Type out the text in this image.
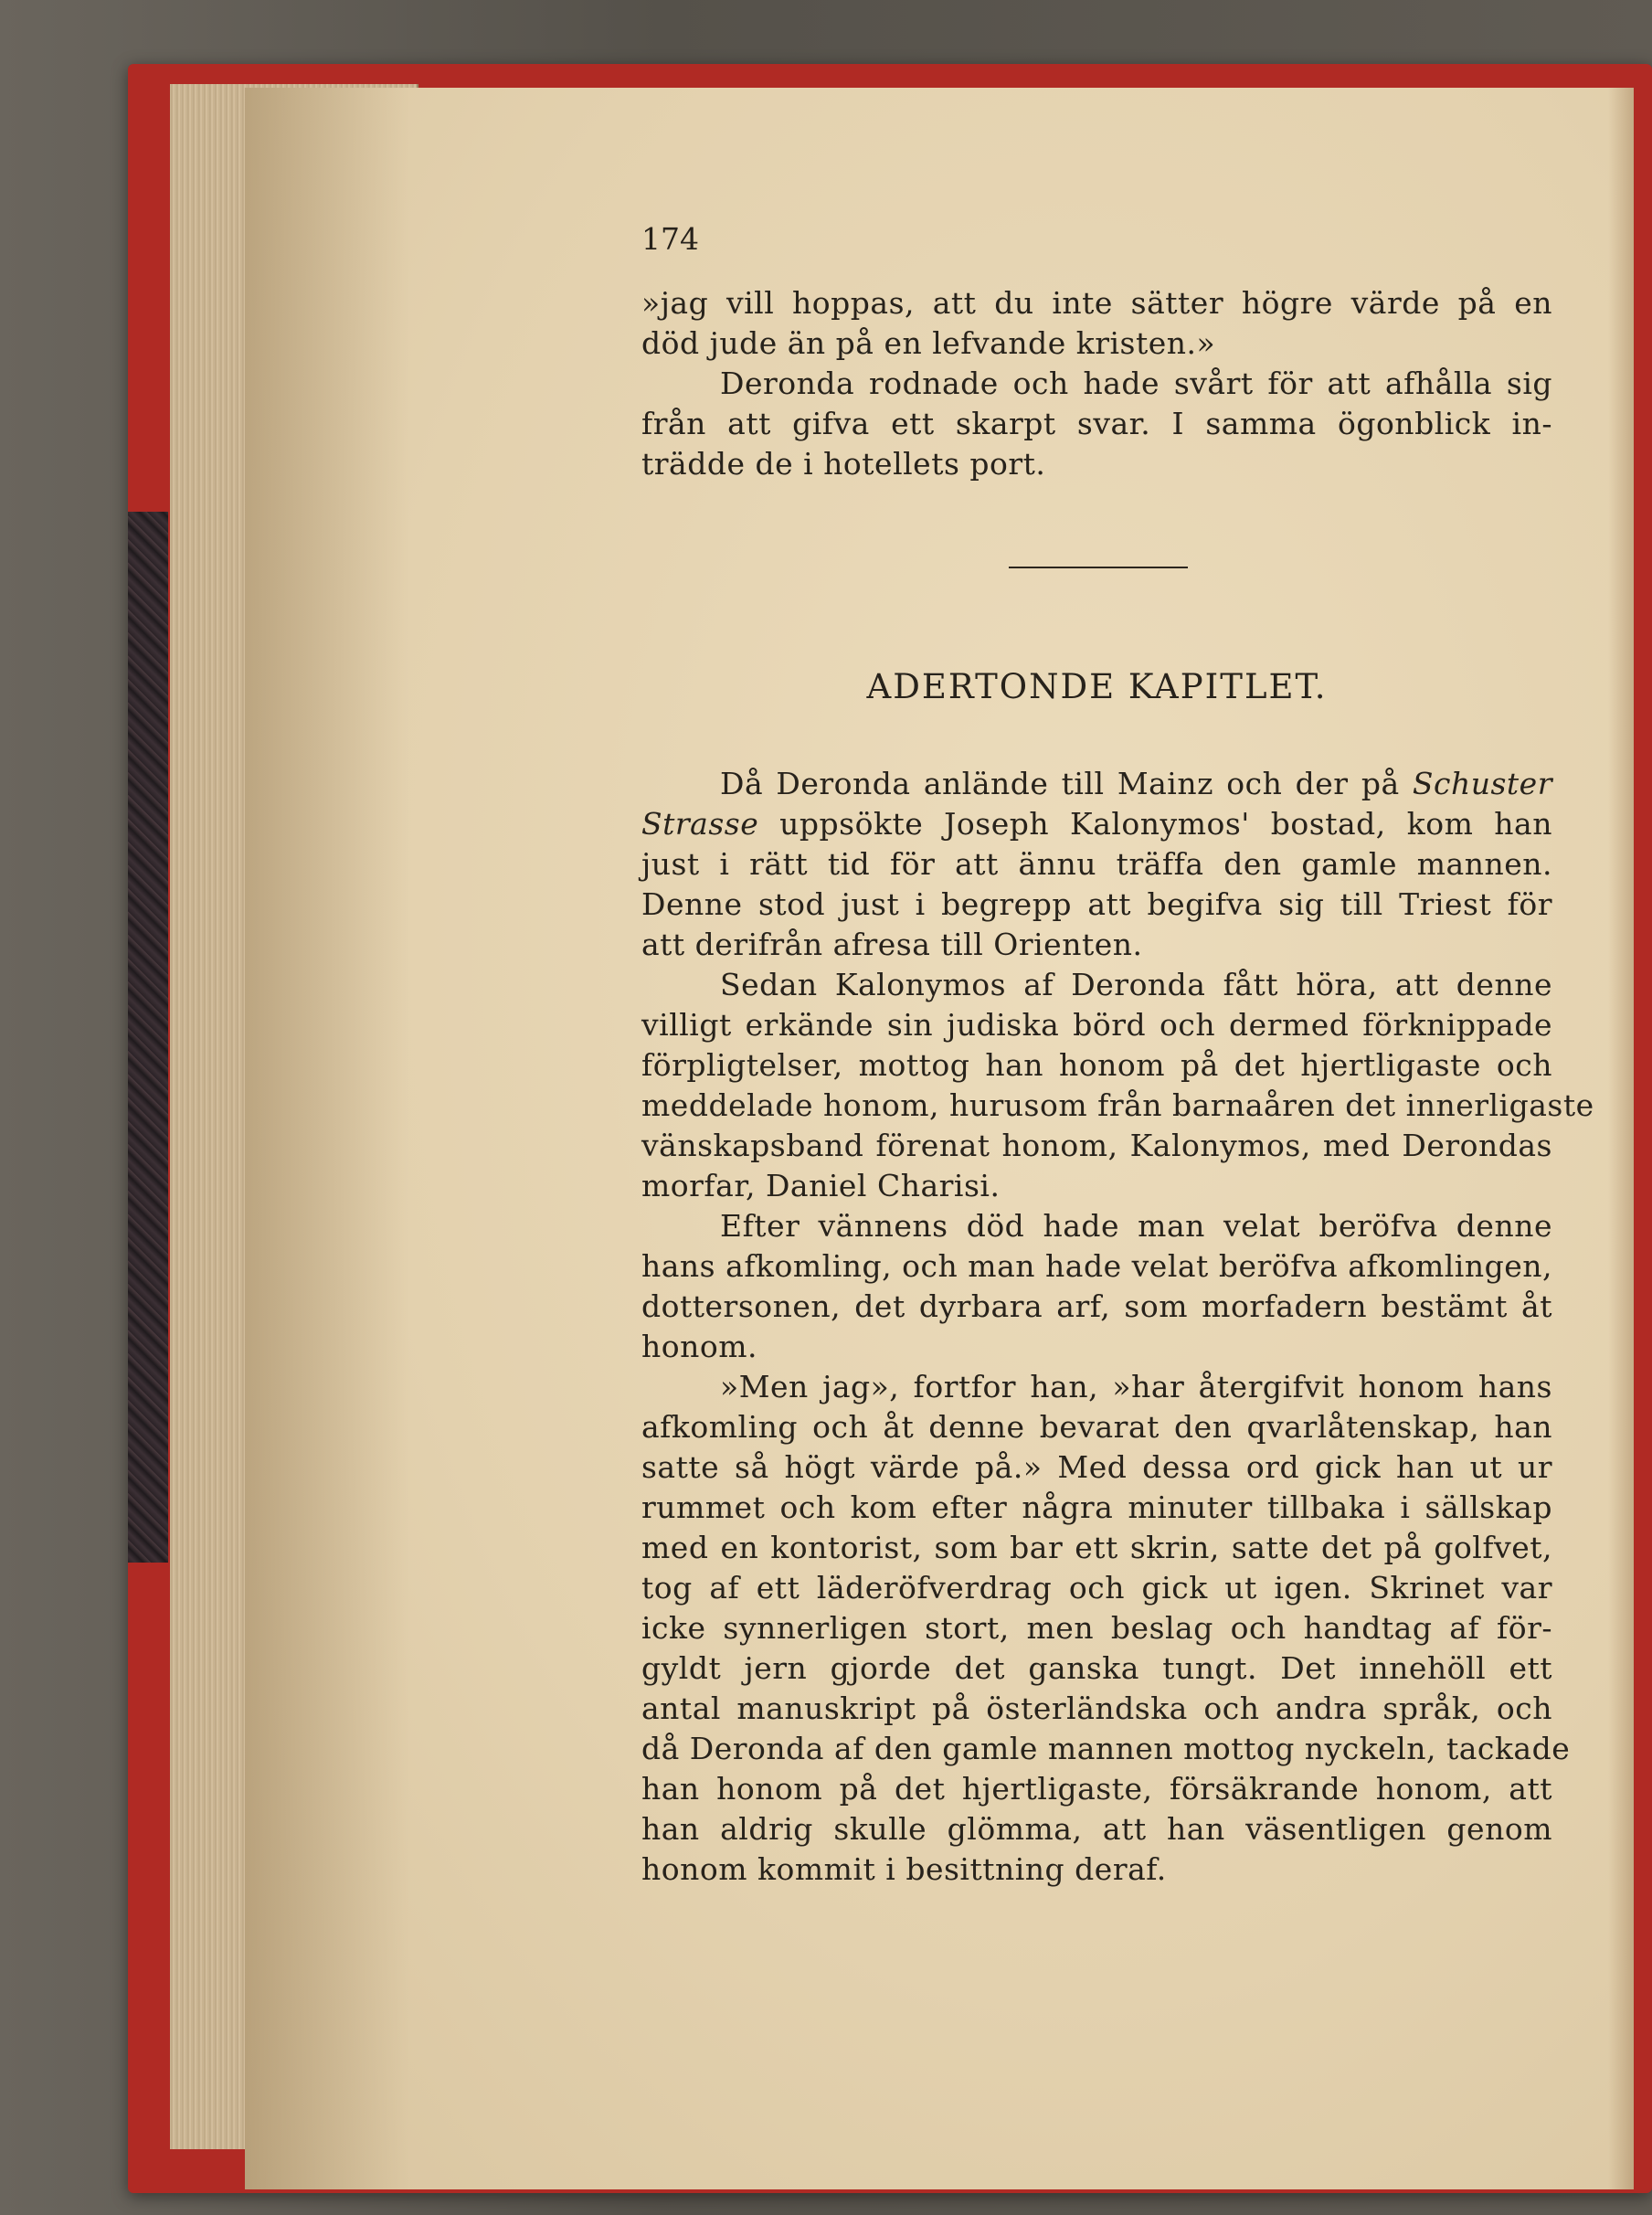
174
»jag vill hoppas, att du inte sätter högre värde på en
död jude än på en lefvande kristen.»
Deronda rodnade och hade svårt för att afhålla sig
från att gifva ett skarpt svar. I samma ögonblick in-
trädde de i hotellets port.
ADERTONDE KAPITLET.
Då Deronda anlände till Mainz och der på Schuster
Strasse uppsökte Joseph Kalonymos' bostad, kom han
just i rätt tid för att ännu träffa den gamle mannen.
Denne stod just i begrepp att begifva sig till Triest för
att derifrån afresa till Orienten.
Sedan Kalonymos af Deronda fått höra, att denne
villigt erkände sin judiska börd och dermed förknippade
förpligtelser, mottog han honom på det hjertligaste och
meddelade honom, hurusom från barnaåren det innerligaste
vänskapsband förenat honom, Kalonymos, med Derondas
morfar, Daniel Charisi.
Efter vännens död hade man velat beröfva denne
hans afkomling, och man hade velat beröfva afkomlingen,
dottersonen, det dyrbara arf, som morfadern bestämt åt
honom.
»Men jag», fortfor han, »har återgifvit honom hans
afkomling och åt denne bevarat den qvarlåtenskap, han
satte så högt värde på.» Med dessa ord gick han ut ur
rummet och kom efter några minuter tillbaka i sällskap
med en kontorist, som bar ett skrin, satte det på golfvet,
tog af ett läderöfverdrag och gick ut igen. Skrinet var
icke synnerligen stort, men beslag och handtag af för-
gyldt jern gjorde det ganska tungt. Det innehöll ett
antal manuskript på österländska och andra språk, och
då Deronda af den gamle mannen mottog nyckeln, tackade
han honom på det hjertligaste, försäkrande honom, att
han aldrig skulle glömma, att han väsentligen genom
honom kommit i besittning deraf.
